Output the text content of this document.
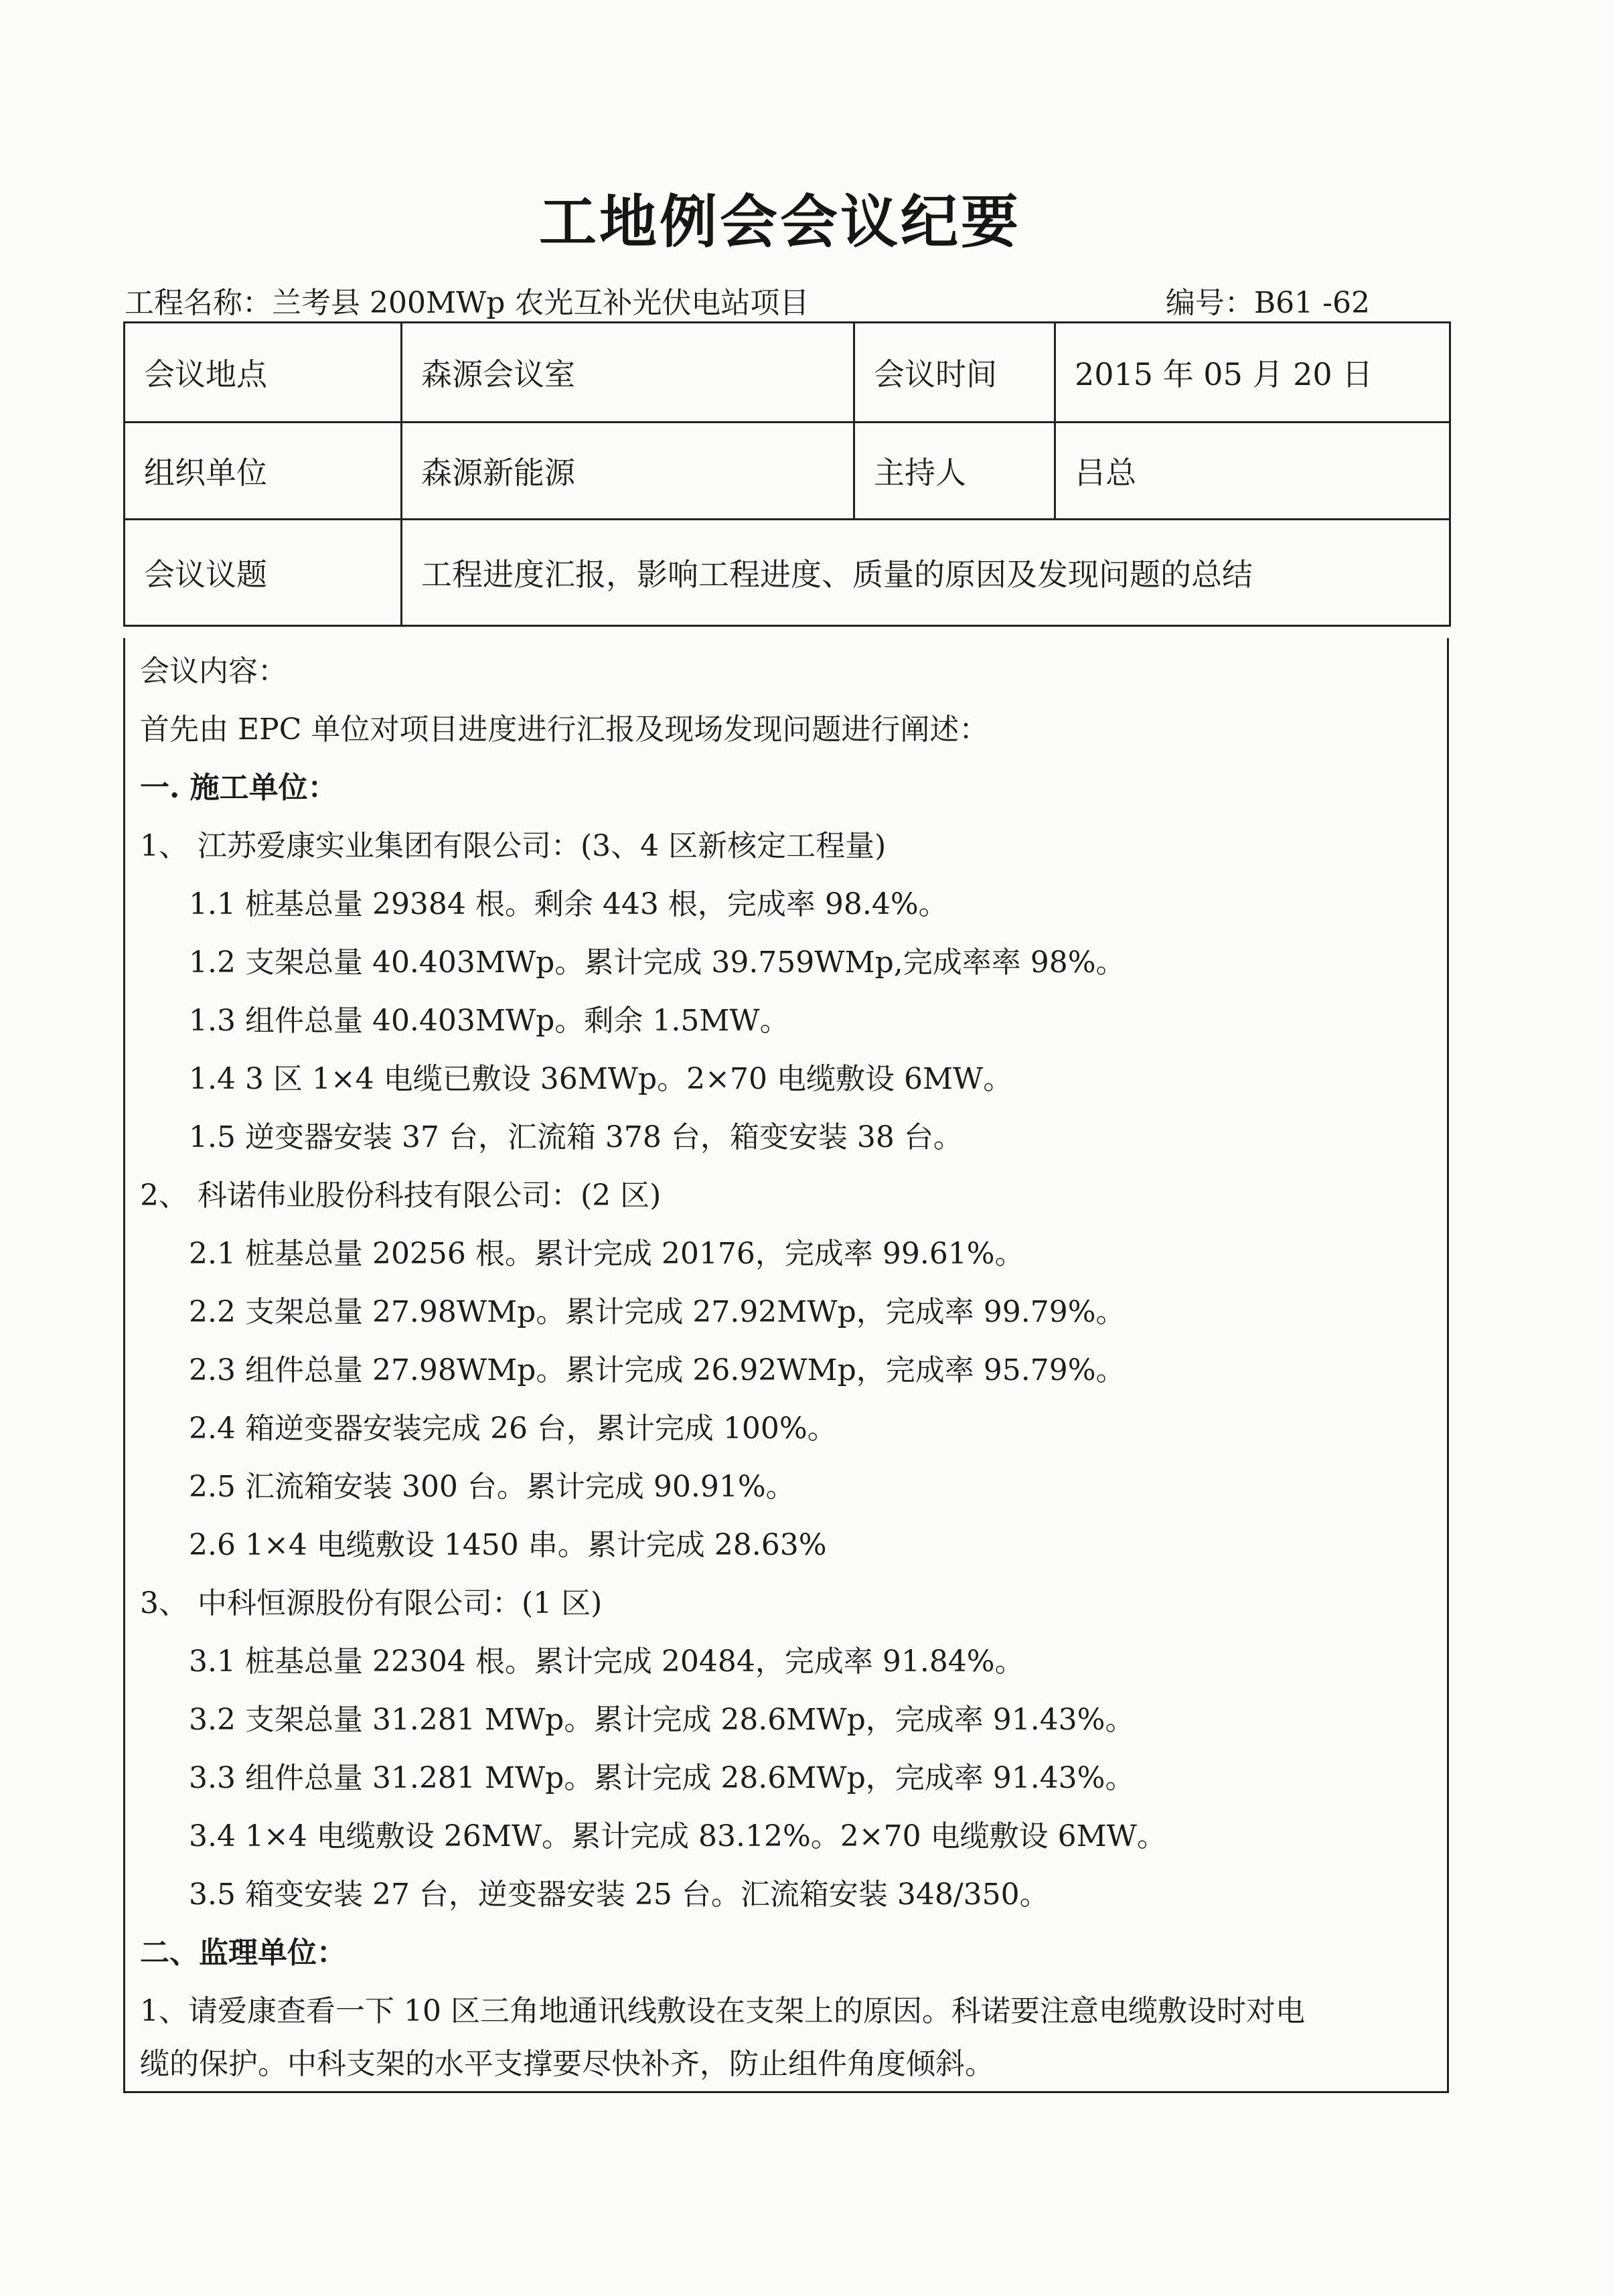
工地例会会议纪要
工程名称：兰考县 200MWp 农光互补光伏电站项目	编号：B61 -62
会议地点	森源会议室	会议时间	2015 年 05 月 20 日
组织单位	森源新能源	主持人	吕总
会议议题	工程进度汇报，影响工程进度、质量的原因及发现问题的总结		
会议内容：
首先由 EPC 单位对项目进度进行汇报及现场发现问题进行阐述：
一. 施工单位：
1、 江苏爱康实业集团有限公司：(3、4 区新核定工程量)
1.1 桩基总量 29384 根。剩余 443 根，完成率 98.4%。
1.2 支架总量 40.403MWp。累计完成 39.759WMp,完成率率 98%。
1.3 组件总量 40.403MWp。剩余 1.5MW。
1.4 3 区 1×4 电缆已敷设 36MWp。2×70 电缆敷设 6MW。
1.5 逆变器安装 37 台，汇流箱 378 台，箱变安装 38 台。
2、 科诺伟业股份科技有限公司：(2 区)
2.1 桩基总量 20256 根。累计完成 20176，完成率 99.61%。
2.2 支架总量 27.98WMp。累计完成 27.92MWp，完成率 99.79%。
2.3 组件总量 27.98WMp。累计完成 26.92WMp，完成率 95.79%。
2.4 箱逆变器安装完成 26 台，累计完成 100%。
2.5 汇流箱安装 300 台。累计完成 90.91%。
2.6 1×4 电缆敷设 1450 串。累计完成 28.63%
3、 中科恒源股份有限公司：(1 区)
3.1 桩基总量 22304 根。累计完成 20484，完成率 91.84%。
3.2 支架总量 31.281 MWp。累计完成 28.6MWp，完成率 91.43%。
3.3 组件总量 31.281 MWp。累计完成 28.6MWp，完成率 91.43%。
3.4 1×4 电缆敷设 26MW。累计完成 83.12%。2×70 电缆敷设 6MW。
3.5 箱变安装 27 台，逆变器安装 25 台。汇流箱安装 348/350。
二、监理单位：
1、请爱康查看一下 10 区三角地通讯线敷设在支架上的原因。科诺要注意电缆敷设时对电
缆的保护。中科支架的水平支撑要尽快补齐，防止组件角度倾斜。
